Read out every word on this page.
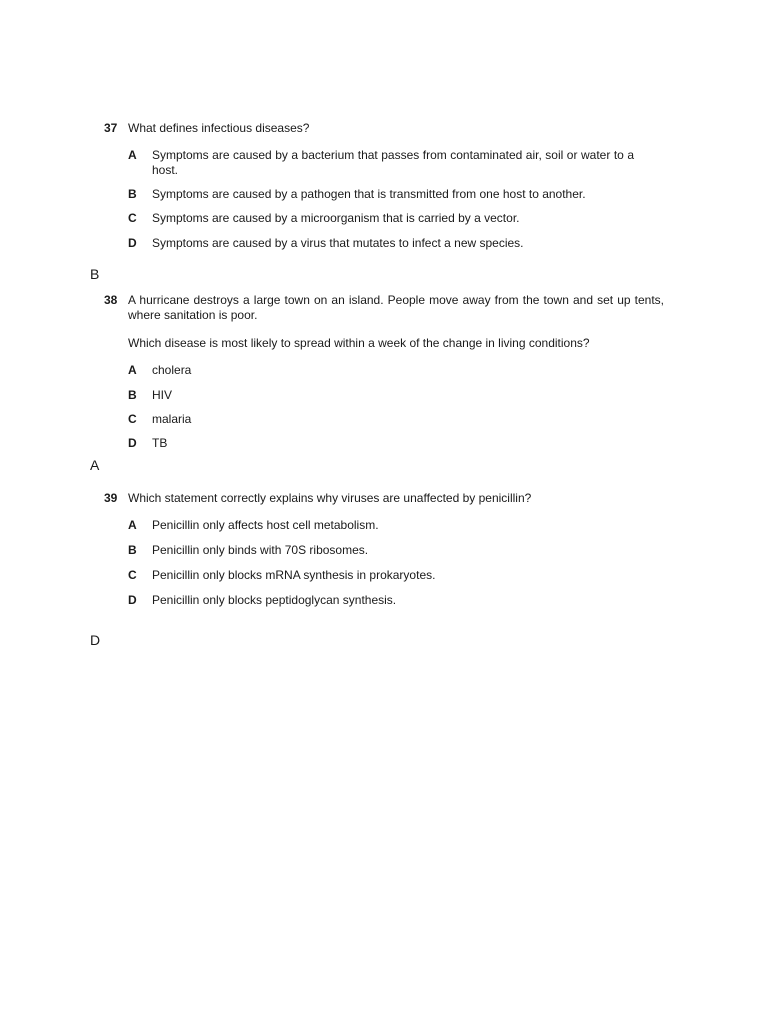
37 What defines infectious diseases?
A Symptoms are caused by a bacterium that passes from contaminated air, soil or water to a host.
B Symptoms are caused by a pathogen that is transmitted from one host to another.
C Symptoms are caused by a microorganism that is carried by a vector.
D Symptoms are caused by a virus that mutates to infect a new species.
B
38 A hurricane destroys a large town on an island. People move away from the town and set up tents, where sanitation is poor.
Which disease is most likely to spread within a week of the change in living conditions?
A cholera
B HIV
C malaria
D TB
A
39 Which statement correctly explains why viruses are unaffected by penicillin?
A Penicillin only affects host cell metabolism.
B Penicillin only binds with 70S ribosomes.
C Penicillin only blocks mRNA synthesis in prokaryotes.
D Penicillin only blocks peptidoglycan synthesis.
D
